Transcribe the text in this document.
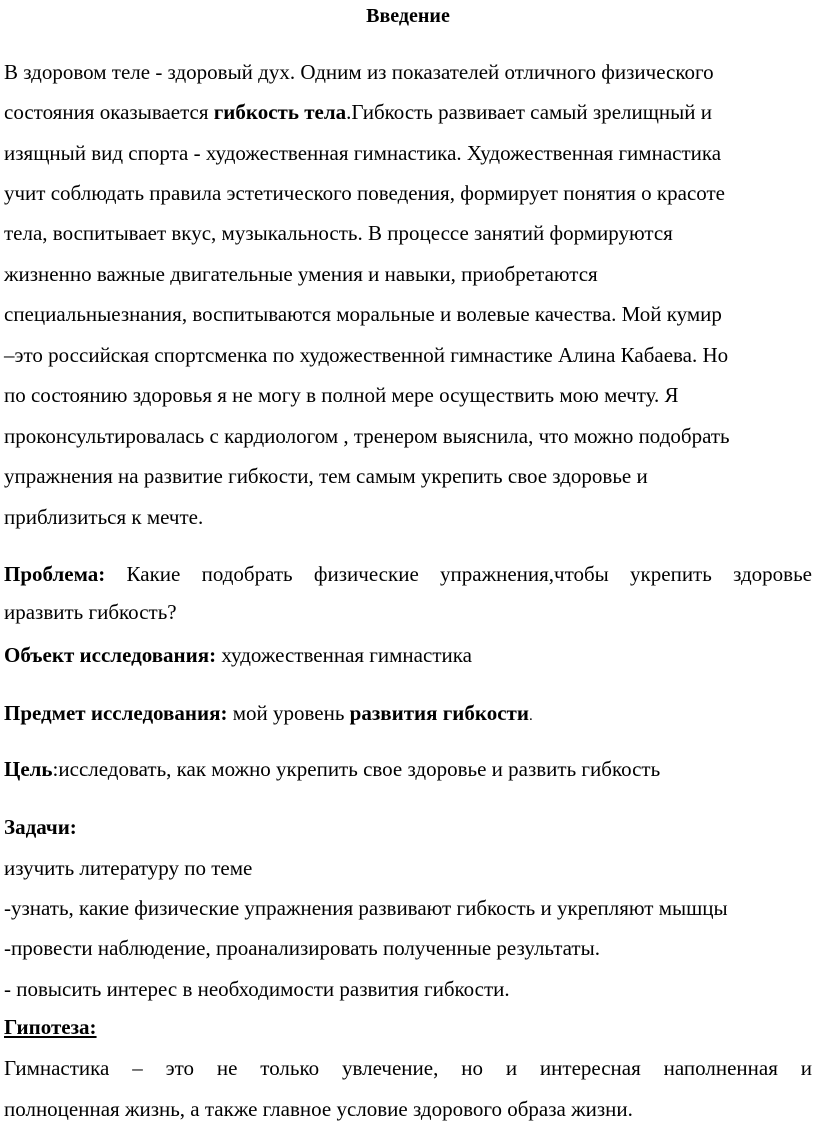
Введение
В здоровом теле - здоровый дух. Одним из показателей отличного физического
состояния оказывается гибкость тела.Гибкость развивает самый зрелищный и
изящный вид спорта - художественная гимнастика. Художественная гимнастика
учит соблюдать правила эстетического поведения, формирует понятия о красоте
тела, воспитывает вкус, музыкальность. В процессе занятий формируются
жизненно важные двигательные умения и навыки, приобретаются
специальныезнания, воспитываются моральные и волевые качества. Мой кумир
–это российская спортсменка по художественной гимнастике Алина Кабаева. Но
по состоянию здоровья я не могу в полной мере осуществить мою мечту. Я
проконсультировалась с кардиологом , тренером выяснила, что можно подобрать
упражнения на развитие гибкости, тем самым укрепить свое здоровье и
приблизиться к мечте.
Проблема: Какие подобрать физические упражнения,чтобы укрепить здоровье
иразвить гибкость?
Объект исследования: художественная гимнастика
Предмет исследования: мой уровень развития гибкости.
Цель:исследовать, как можно укрепить свое здоровье и развить гибкость
Задачи:
изучить литературу по теме
-узнать, какие физические упражнения развивают гибкость и укрепляют мышцы
-провести наблюдение, проанализировать полученные результаты.
- повысить интерес в необходимости развития гибкости.
Гипотеза:
Гимнастика – это не только увлечение, но и интересная наполненная и
полноценная жизнь, а также главное условие здорового образа жизни.
